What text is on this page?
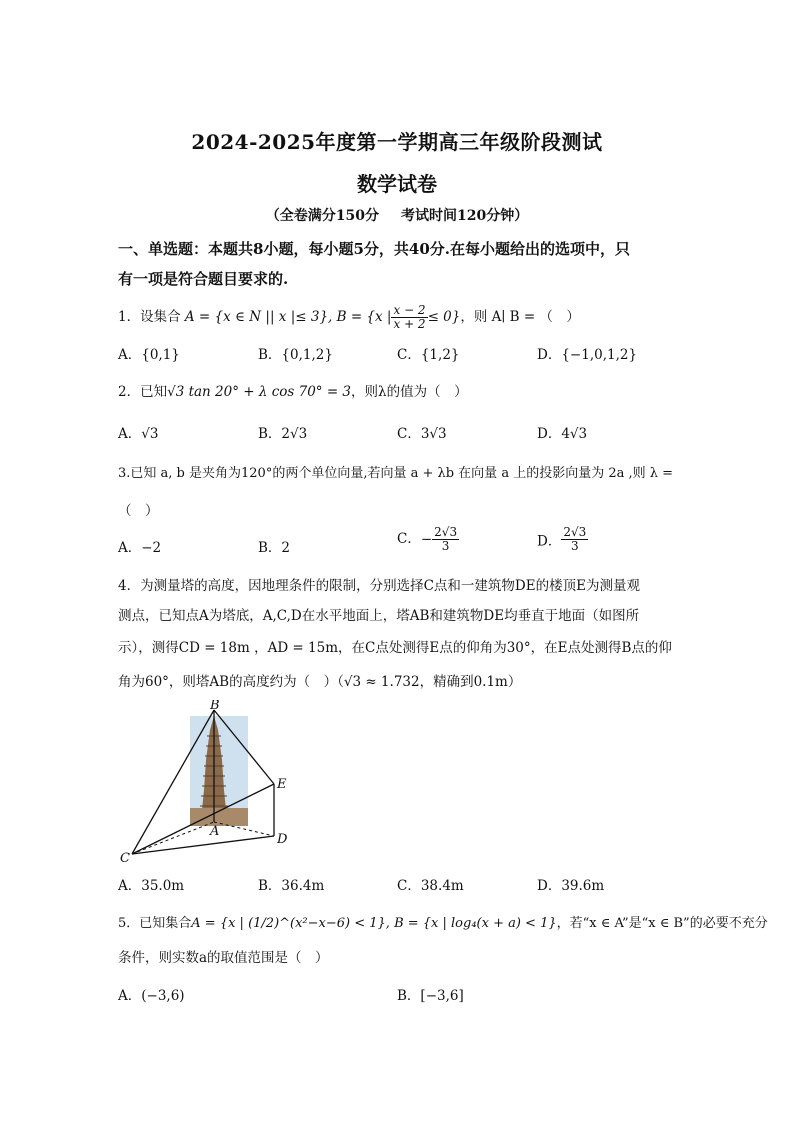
2024-2025年度第一学期高三年级阶段测试
数学试卷
（全卷满分150分 考试时间120分钟）
一、单选题：本题共8小题，每小题5分，共40分.在每小题给出的选项中，只
有一项是符合题目要求的.
1．设集合 A = {x ∈ N || x |≤ 3}, B = {x | $\frac{x - 2}{x + 2} \le 0$}，则 A∣ B = （　）
A．{0,1}	B．{0,1,2}	C．{1,2}	D．{−1,0,1,2}
2．已知√3 tan 20° + λ cos 70° = 3，则λ的值为（　）
A．√3	B．2√3	C．3√3	D．4√3
3.已知 a, b 是夹角为120°的两个单位向量,若向量 a + λb 在向量 a 上的投影向量为 2a ,则 λ =
（　）
A．−2	B．2
C．− $\frac{2√3}{3}$	D． $\frac{2√3}{3}$
4．为测量塔的高度，因地理条件的限制，分别选择C点和一建筑物DE的楼顶E为测量观
测点，已知点A为塔底，A,C,D在水平地面上，塔AB和建筑物DE均垂直于地面（如图所
示），测得CD = 18m ，AD = 15m，在C点处测得E点的仰角为30°，在E点处测得B点的仰
角为60°，则塔AB的高度约为（　）（√3 ≈ 1.732，精确到0.1m）
B
E
A
C
D
A．35.0m	B．36.4m	C．38.4m	D．39.6m
5．已知集合A = {x | (1/2)^(x²−x−6) < 1}, B = {x | log₄(x + a) < 1}，若“x ∈ A”是“x ∈ B”的必要不充分
条件，则实数a的取值范围是（　）
A．(−3,6)	B．[−3,6]
